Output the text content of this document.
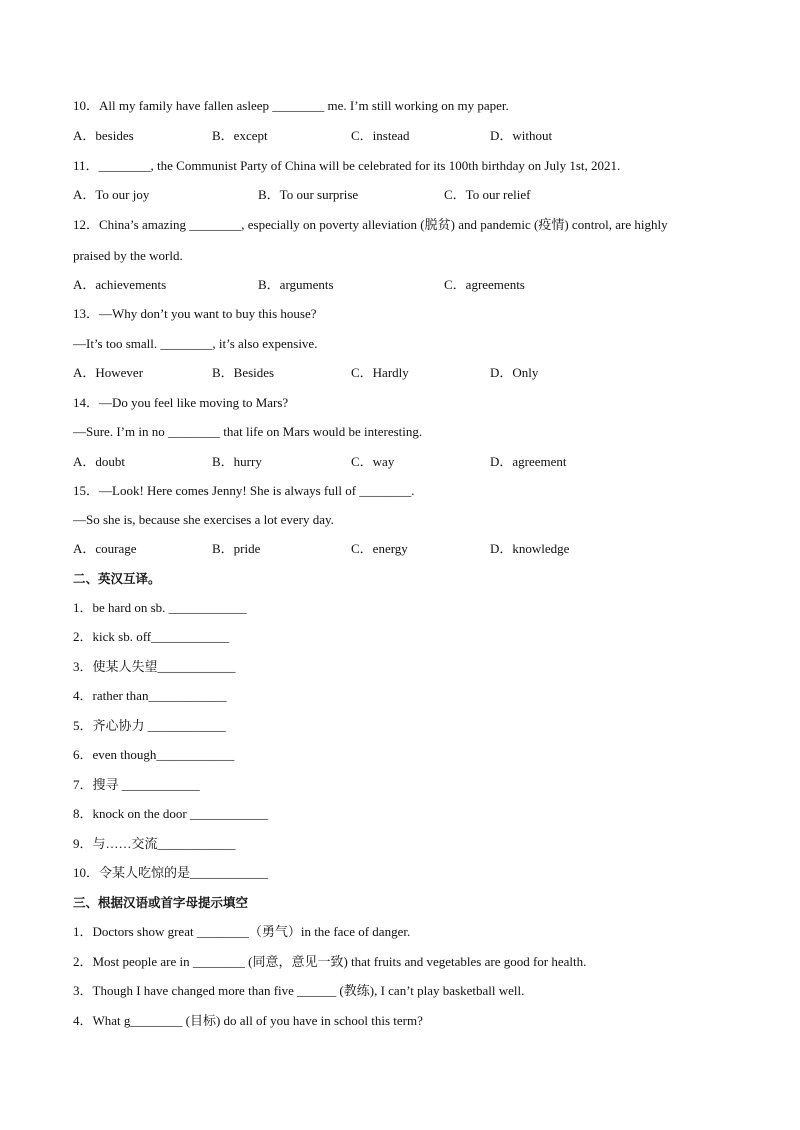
10．All my family have fallen asleep ________ me. I’m still working on my paper.
A．besides	B．except	C．instead	D．without
11．________, the Communist Party of China will be celebrated for its 100th birthday on July 1st, 2021.
A．To our joy	B．To our surprise	C．To our relief
12．China’s amazing ________, especially on poverty alleviation (脱贫) and pandemic (疫情) control, are highly
praised by the world.
A．achievements	B．arguments	C．agreements
13．—Why don’t you want to buy this house?
—It’s too small. ________, it’s also expensive.
A．However	B．Besides	C．Hardly	D．Only
14．—Do you feel like moving to Mars?
—Sure. I’m in no ________ that life on Mars would be interesting.
A．doubt	B．hurry	C．way	D．agreement
15．—Look! Here comes Jenny! She is always full of ________.
—So she is, because she exercises a lot every day.
A．courage	B．pride	C．energy	D．knowledge
二、英汉互译。
1．be hard on sb. ____________
2．kick sb. off____________
3．使某人失望____________
4．rather than____________
5．齐心协力 ____________
6．even though____________
7．搜寻 ____________
8．knock on the door ____________
9．与……交流____________
10．令某人吃惊的是____________
三、根据汉语或首字母提示填空
1．Doctors show great ________（勇气）in the face of danger.
2．Most people are in ________ (同意，意见一致) that fruits and vegetables are good for health.
3．Though I have changed more than five ______ (教练), I can’t play basketball well.
4．What g________ (目标) do all of you have in school this term?
